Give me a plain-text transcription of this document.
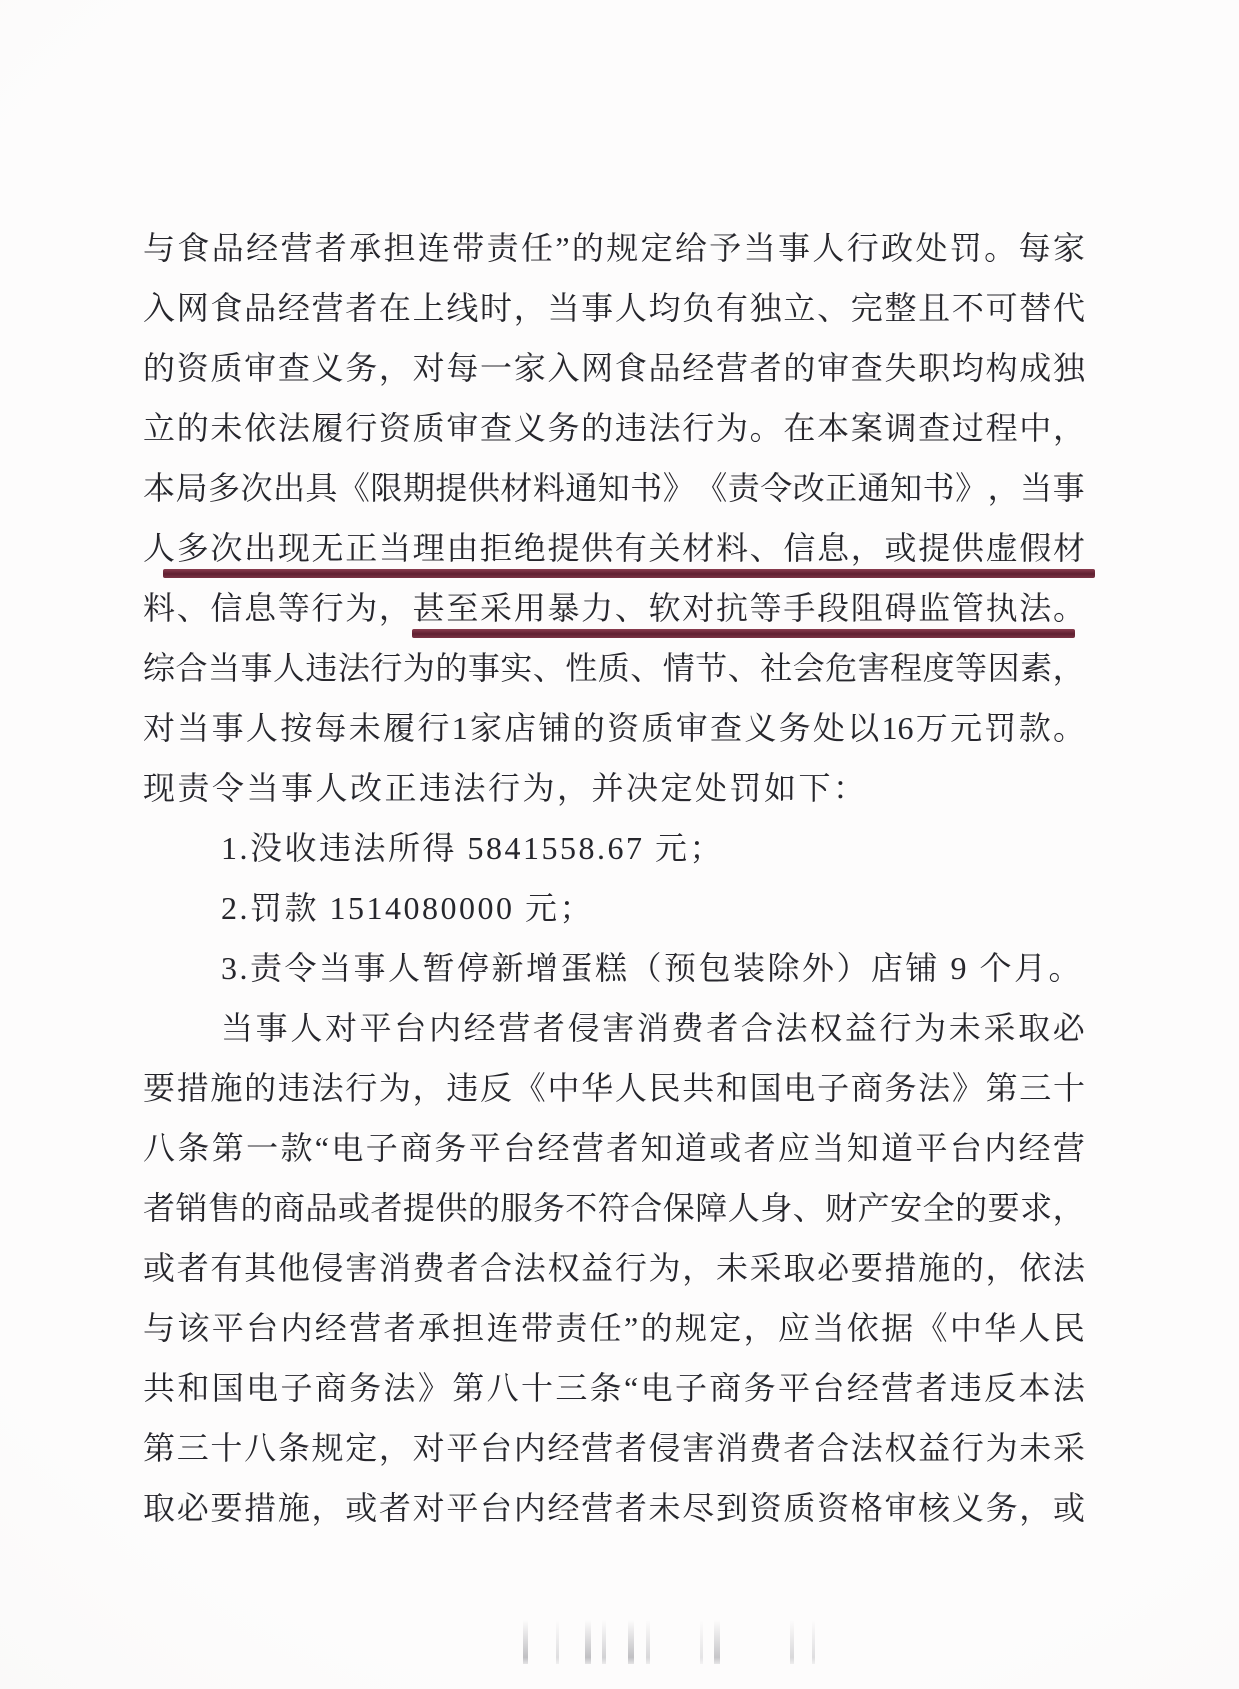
与 食 品 经 营 者 承 担 连 带 责 任 ” 的 规 定 给 予 当 事 人 行 政 处 罚 。 每 家
入 网 食 品 经 营 者 在 上 线 时 ， 当 事 人 均 负 有 独 立 、 完 整 且 不 可 替 代
的 资 质 审 查 义 务 ， 对 每 一 家 入 网 食 品 经 营 者 的 审 查 失 职 均 构 成 独
立 的 未 依 法 履 行 资 质 审 查 义 务 的 违 法 行 为 。 在 本 案 调 查 过 程 中 ，
本 局 多 次 出 具 《 限 期 提 供 材 料 通 知 书 》 《 责 令 改 正 通 知 书 》 ， 当 事
人 多 次 出 现 无 正 当 理 由 拒 绝 提 供 有 关 材 料 、 信 息 ， 或 提 供 虚 假 材
料 、 信 息 等 行 为 ， 甚 至 采 用 暴 力 、 软 对 抗 等 手 段 阻 碍 监 管 执 法 。
综 合 当 事 人 违 法 行 为 的 事 实 、 性 质 、 情 节 、 社 会 危 害 程 度 等 因 素 ，
对 当 事 人 按 每 未 履 行 1 家 店 铺 的 资 质 审 查 义 务 处 以 16 万 元 罚 款 。
现责令当事人改正违法行为，并决定处罚如下：
1.没收违法所得 5841558.67 元；
2.罚款 1514080000 元；
3.责令当事人暂停新增蛋糕（预包装除外）店铺 9 个月。
当 事 人 对 平 台 内 经 营 者 侵 害 消 费 者 合 法 权 益 行 为 未 采 取 必
要 措 施 的 违 法 行 为 ， 违 反 《 中 华 人 民 共 和 国 电 子 商 务 法 》 第 三 十
八 条 第 一 款 “ 电 子 商 务 平 台 经 营 者 知 道 或 者 应 当 知 道 平 台 内 经 营
者 销 售 的 商 品 或 者 提 供 的 服 务 不 符 合 保 障 人 身 、 财 产 安 全 的 要 求 ，
或 者 有 其 他 侵 害 消 费 者 合 法 权 益 行 为 ， 未 采 取 必 要 措 施 的 ， 依 法
与 该 平 台 内 经 营 者 承 担 连 带 责 任 ” 的 规 定 ， 应 当 依 据 《 中 华 人 民
共 和 国 电 子 商 务 法 》 第 八 十 三 条 “ 电 子 商 务 平 台 经 营 者 违 反 本 法
第 三 十 八 条 规 定 ， 对 平 台 内 经 营 者 侵 害 消 费 者 合 法 权 益 行 为 未 采
取 必 要 措 施 ， 或 者 对 平 台 内 经 营 者 未 尽 到 资 质 资 格 审 核 义 务 ， 或
